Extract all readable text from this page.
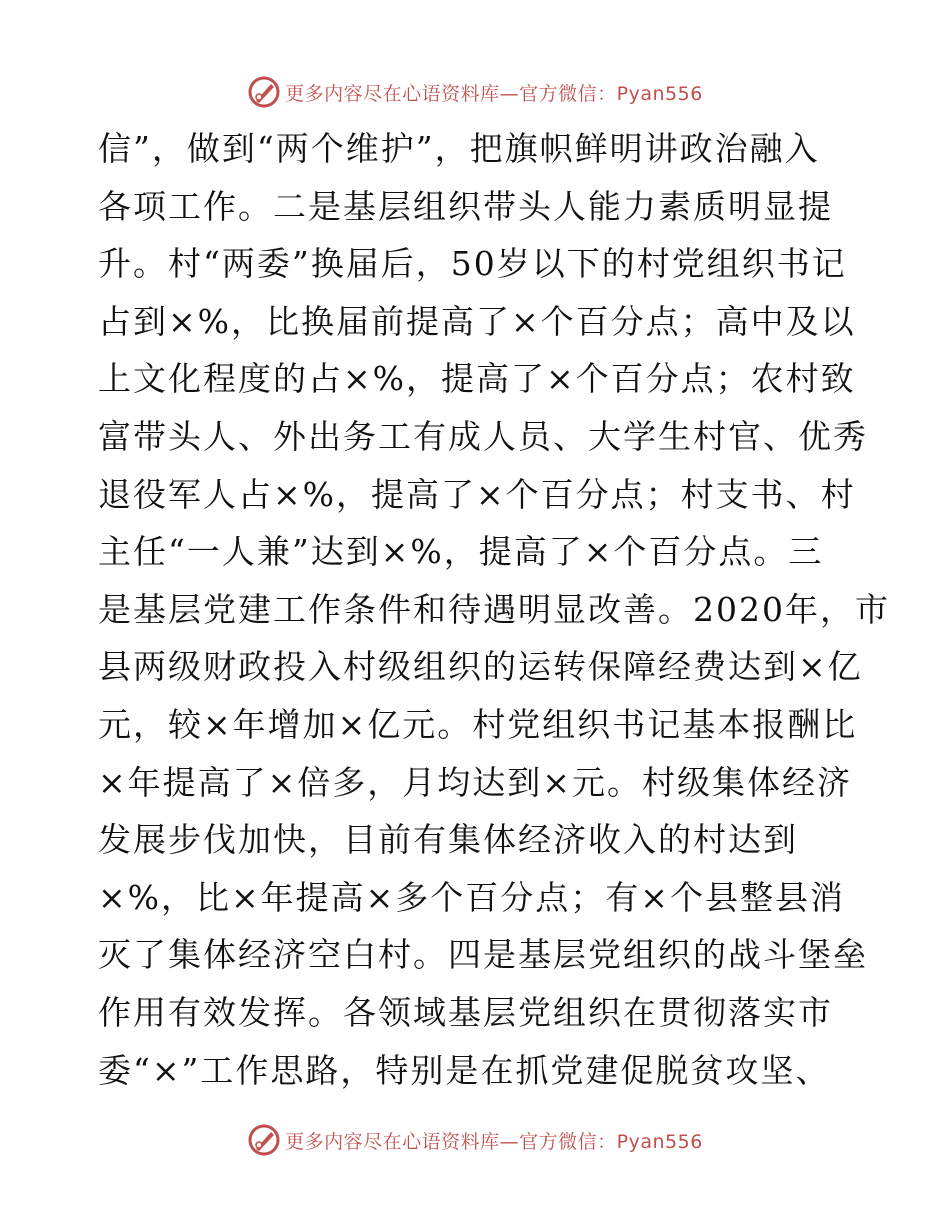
更多内容尽在心语资料库—官方微信：Pyan556
信”，做到“两个维护”，把旗帜鲜明讲政治融入
各项工作。二是基层组织带头人能力素质明显提
升。村“两委”换届后，50岁以下的村党组织书记
占到×%，比换届前提高了×个百分点；高中及以
上文化程度的占×%，提高了×个百分点；农村致
富带头人、外出务工有成人员、大学生村官、优秀
退役军人占×%，提高了×个百分点；村支书、村
主任“一人兼”达到×%，提高了×个百分点。三
是基层党建工作条件和待遇明显改善。2020年，市
县两级财政投入村级组织的运转保障经费达到×亿
元，较×年增加×亿元。村党组织书记基本报酬比
×年提高了×倍多，月均达到×元。村级集体经济
发展步伐加快，目前有集体经济收入的村达到
×%，比×年提高×多个百分点；有×个县整县消
灭了集体经济空白村。四是基层党组织的战斗堡垒
作用有效发挥。各领域基层党组织在贯彻落实市
委“×”工作思路，特别是在抓党建促脱贫攻坚、
更多内容尽在心语资料库—官方微信：Pyan556
